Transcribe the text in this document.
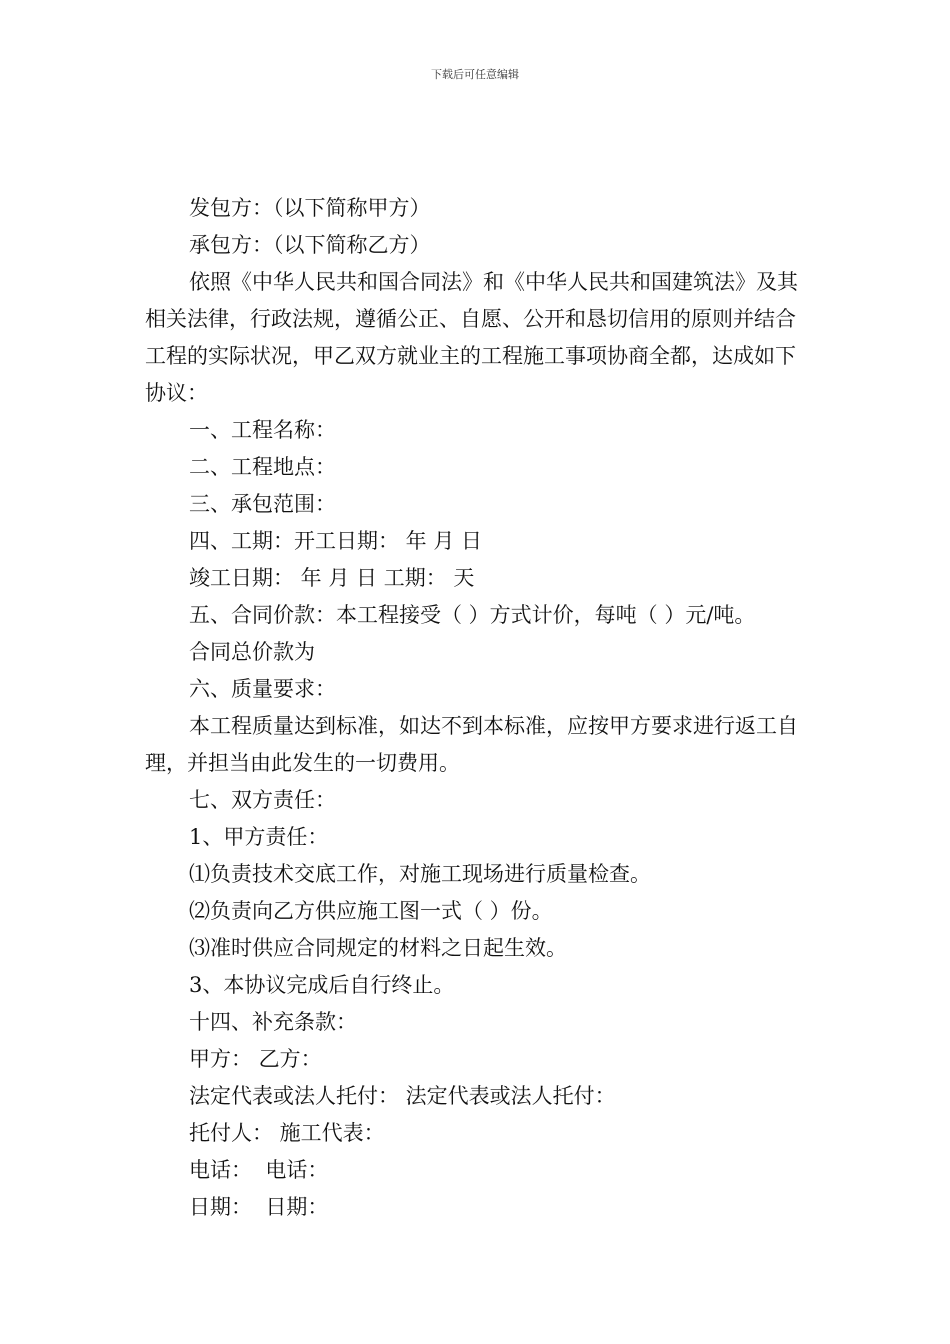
下载后可任意编辑
发包方：（以下简称甲方）
承包方：（以下简称乙方）
依照《中华人民共和国合同法》和《中华人民共和国建筑法》及其相关法律，行政法规，遵循公正、自愿、公开和恳切信用的原则并结合工程的实际状况，甲乙双方就业主的工程施工事项协商全都，达成如下协议：
一、工程名称：
二、工程地点：
三、承包范围：
四、工期：开工日期： 年 月 日
竣工日期： 年 月 日 工期： 天
五、合同价款：本工程接受（ ）方式计价，每吨（ ）元/吨。
合同总价款为
六、质量要求：
本工程质量达到标准，如达不到本标准，应按甲方要求进行返工自理，并担当由此发生的一切费用。
七、双方责任：
1、甲方责任：
⑴负责技术交底工作，对施工现场进行质量检查。
⑵负责向乙方供应施工图一式（ ）份。
⑶准时供应合同规定的材料之日起生效。
3、本协议完成后自行终止。
十四、补充条款：
甲方： 乙方：
法定代表或法人托付： 法定代表或法人托付：
托付人： 施工代表：
电话：  电话：
日期：  日期：
